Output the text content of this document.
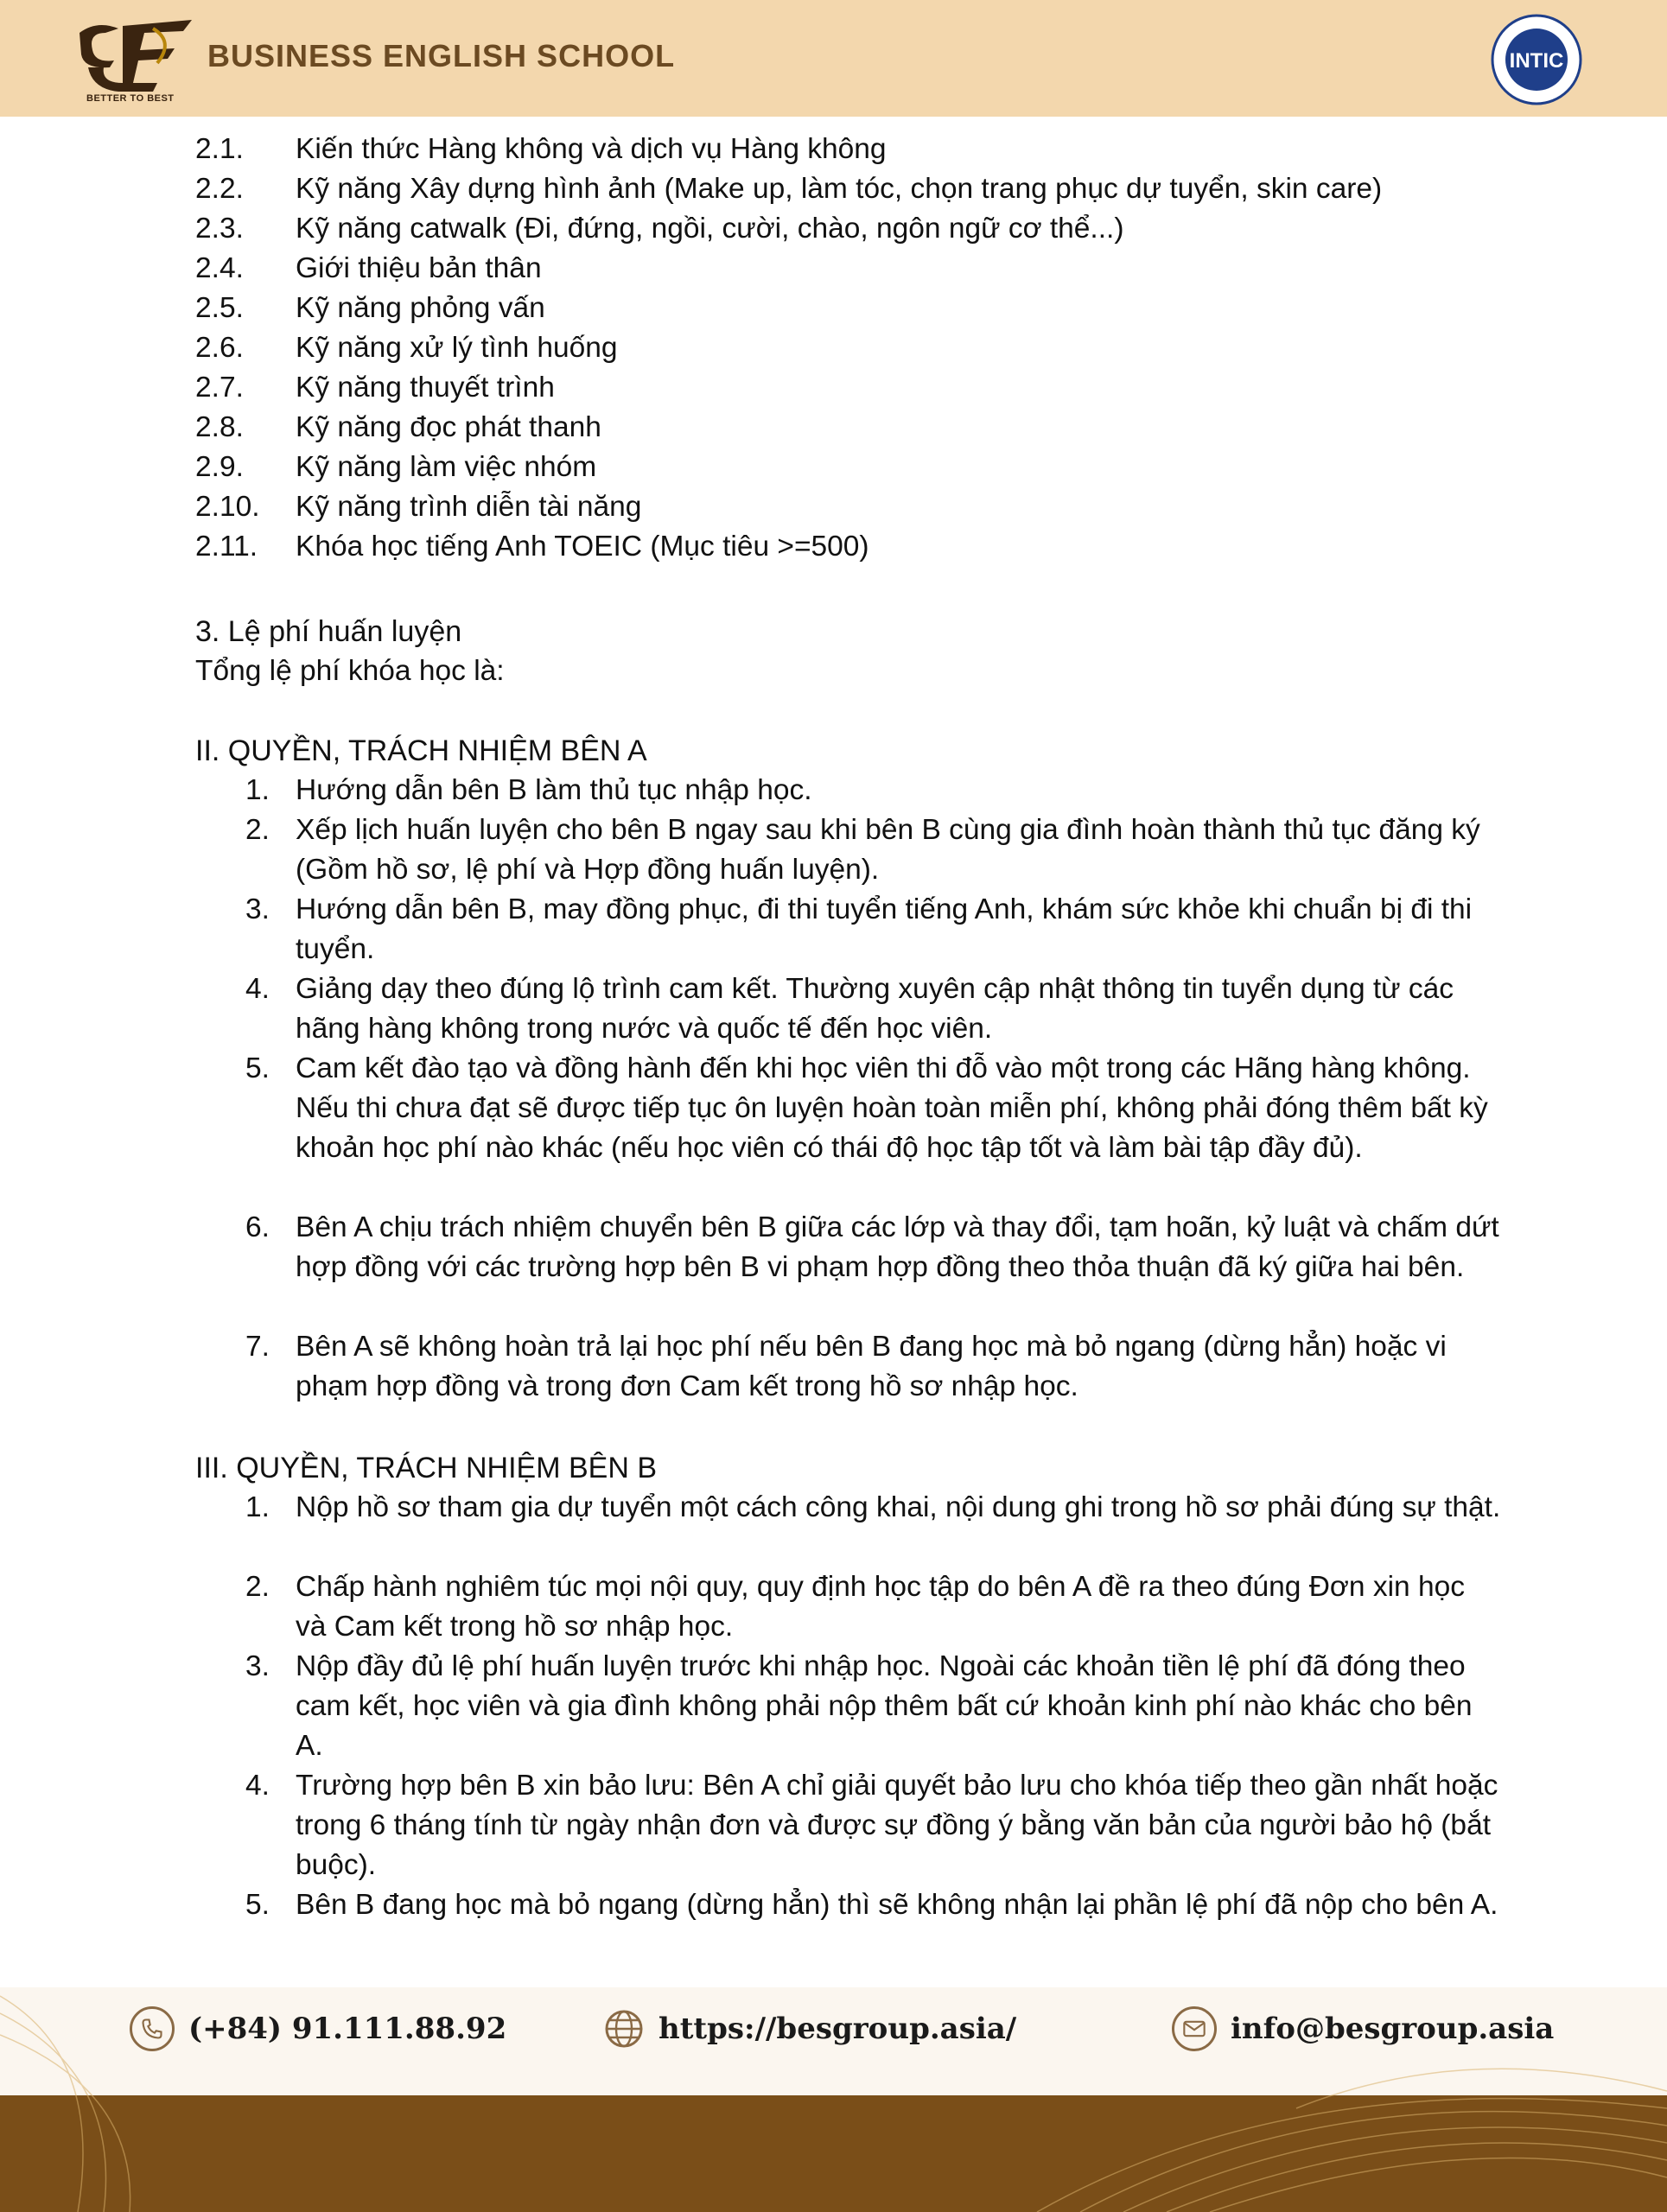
BETTER TO BEST
BUSINESS ENGLISH SCHOOL	INTIC
2.1. Kiến thức Hàng không và dịch vụ Hàng không
2.2. Kỹ năng Xây dựng hình ảnh (Make up, làm tóc, chọn trang phục dự tuyển, skin care)
2.3. Kỹ năng catwalk (Đi, đứng, ngồi, cười, chào, ngôn ngữ cơ thể...)
2.4. Giới thiệu bản thân
2.5. Kỹ năng phỏng vấn
2.6. Kỹ năng xử lý tình huống
2.7. Kỹ năng thuyết trình
2.8. Kỹ năng đọc phát thanh
2.9. Kỹ năng làm việc nhóm
2.10. Kỹ năng trình diễn tài năng
2.11. Khóa học tiếng Anh TOEIC (Mục tiêu >=500)
3. Lệ phí huấn luyện
Tổng lệ phí khóa học là:
II. QUYỀN, TRÁCH NHIỆM BÊN A
1. Hướng dẫn bên B làm thủ tục nhập học.
2. Xếp lịch huấn luyện cho bên B ngay sau khi bên B cùng gia đình hoàn thành thủ tục đăng ký (Gồm hồ sơ, lệ phí và Hợp đồng huấn luyện).
3. Hướng dẫn bên B, may đồng phục, đi thi tuyển tiếng Anh, khám sức khỏe khi chuẩn bị đi thi tuyển.
4. Giảng dạy theo đúng lộ trình cam kết. Thường xuyên cập nhật thông tin tuyển dụng từ các hãng hàng không trong nước và quốc tế đến học viên.
5. Cam kết đào tạo và đồng hành đến khi học viên thi đỗ vào một trong các Hãng hàng không. Nếu thi chưa đạt sẽ được tiếp tục ôn luyện hoàn toàn miễn phí, không phải đóng thêm bất kỳ khoản học phí nào khác (nếu học viên có thái độ học tập tốt và làm bài tập đầy đủ).
6. Bên A chịu trách nhiệm chuyển bên B giữa các lớp và thay đổi, tạm hoãn, kỷ luật và chấm dứt hợp đồng với các trường hợp bên B vi phạm hợp đồng theo thỏa thuận đã ký giữa hai bên.
7. Bên A sẽ không hoàn trả lại học phí nếu bên B đang học mà bỏ ngang (dừng hẳn) hoặc vi phạm hợp đồng và trong đơn Cam kết trong hồ sơ nhập học.
III. QUYỀN, TRÁCH NHIỆM BÊN B
1. Nộp hồ sơ tham gia dự tuyển một cách công khai, nội dung ghi trong hồ sơ phải đúng sự thật.
2. Chấp hành nghiêm túc mọi nội quy, quy định học tập do bên A đề ra theo đúng Đơn xin học và Cam kết trong hồ sơ nhập học.
3. Nộp đầy đủ lệ phí huấn luyện trước khi nhập học. Ngoài các khoản tiền lệ phí đã đóng theo cam kết, học viên và gia đình không phải nộp thêm bất cứ khoản kinh phí nào khác cho bên A.
4. Trường hợp bên B xin bảo lưu: Bên A chỉ giải quyết bảo lưu cho khóa tiếp theo gần nhất hoặc trong 6 tháng tính từ ngày nhận đơn và được sự đồng ý bằng văn bản của người bảo hộ (bắt buộc).
5. Bên B đang học mà bỏ ngang (dừng hẳn) thì sẽ không nhận lại phần lệ phí đã nộp cho bên A.
(+84) 91.111.88.92	https://besgroup.asia/	info@besgroup.asia
